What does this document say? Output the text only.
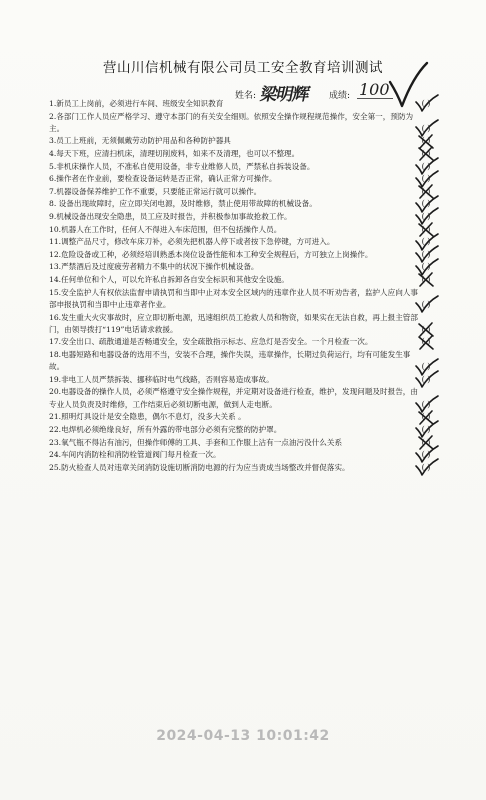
营山川信机械有限公司员工安全教育培训测试
姓名: 梁明辉 成绩: 100
1.新员工上岗前，必须进行车间、班级安全知识教育	( )
2.各部门工作人员应严格学习、遵守本部门的有关安全细则。依照安全操作规程规范操作，安全第一，预防为主。	( )
3.员工上班前，无须佩戴劳动防护用品和各种防护器具	( )
4.每天下班，应清扫机床，清理切削废料，如来不及清理，也可以不整理。	( )
5.非机床操作人员，不准私自使用设备，非专业维修人员，严禁私自拆装设备。	( )
6.操作者在作业前，要检查设备运转是否正常，确认正常方可操作。	( )
7.机器设备保养维护工作不重要，只要能正常运行就可以操作。	( )
8. 设备出现故障时，应立即关闭电源，及时维修，禁止使用带故障的机械设备。	( )
9.机械设备出现安全隐患，员工应及时报告，并积极参加事故抢救工作。	( )
10.机器人在工作时，任何人不得进入车床范围，但不包括操作人员。	( )
11.调整产品尺寸，修改车床刀补，必须先把机器人停下或者按下急停键，方可进入。	( )
12.危险设备或工种，必须经培训熟悉本岗位设备性能和本工种安全规程后，方可独立上岗操作。	( )
13.严禁酒后及过度疲劳者精力不集中的状况下操作机械设备。	( )
14.任何单位和个人，可以允许私自拆卸各自安全标识和其他安全设施。	( )
15.安全监护人有权依法监督申请执罚和当即中止对本安全区域内的违章作业人员不听劝告者，监护人应向人事部申报执罚和当即中止违章者作业。	( )
16.发生重大火灾事故时，应立即切断电源，迅速组织员工抢救人员和物资，如果实在无法自救，再上报主管部门，由领导拨打“119”电话请求救援。	( )
17.安全出口、疏散通道是否畅通安全，安全疏散指示标志、应急灯是否安全。一个月检查一次。	( )
18.电器短路和电器设备的选用不当，安装不合理，操作失误，违章操作，长期过负荷运行，均有可能发生事故。	( )
19.非电工人员严禁拆装、挪移临时电气线路，否则容易造成事故。	( )
20.电器设备的操作人员，必须严格遵守安全操作规程，并定期对设备进行检查，维护，发现问题及时报告，由专业人员负责及时维修，工作结束后必须切断电源，做到人走电断。	( )
21.照明灯具设计是安全隐患，偶尔不息灯，没多大关系 。	( )
22.电焊机必须绝缘良好，所有外露的带电部分必须有完整的防护罩。	( )
23.氧气瓶不得沾有油污，但操作师傅的工具、手套和工作服上沾有一点油污没什么关系	( )
24.车间内消防栓和消防栓管道阀门每月检查一次。	( )
25.防火检查人员对违章关闭消防设施切断消防电源的行为应当责成当场整改并督促落实。	( )
2024-04-13 10:01:42
